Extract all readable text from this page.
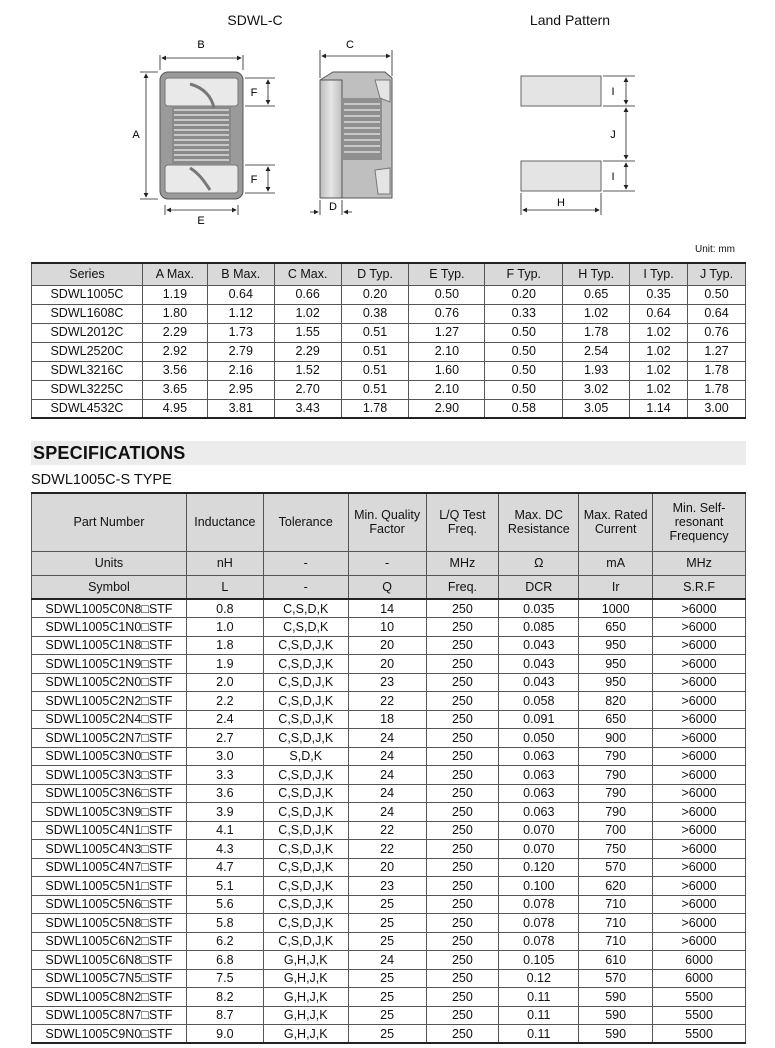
SDWL-C	Land Pattern
B
A
E
F
F
C
D
I
J
I
H
Unit: mm
Series	A Max.	B Max.	C Max.	D Typ.	E Typ.	F Typ.	H Typ.	I Typ.	J Typ.
SDWL1005C	1.19	0.64	0.66	0.20	0.50	0.20	0.65	0.35	0.50
SDWL1608C	1.80	1.12	1.02	0.38	0.76	0.33	1.02	0.64	0.64
SDWL2012C	2.29	1.73	1.55	0.51	1.27	0.50	1.78	1.02	0.76
SDWL2520C	2.92	2.79	2.29	0.51	2.10	0.50	2.54	1.02	1.27
SDWL3216C	3.56	2.16	1.52	0.51	1.60	0.50	1.93	1.02	1.78
SDWL3225C	3.65	2.95	2.70	0.51	2.10	0.50	3.02	1.02	1.78
SDWL4532C	4.95	3.81	3.43	1.78	2.90	0.58	3.05	1.14	3.00
SPECIFICATIONS
SDWL1005C-S TYPE
Part Number	Inductance	Tolerance	Min. Quality Factor	L/Q Test Freq.	Max. DC Resistance	Max. Rated Current	Min. Self-resonant Frequency
Units	nH	-	-	MHz	Ω	mA	MHz
Symbol	L	-	Q	Freq.	DCR	Ir	S.R.F
SDWL1005C0N8□STF	0.8	C,S,D,K	14	250	0.035	1000	>6000
SDWL1005C1N0□STF	1.0	C,S,D,K	10	250	0.085	650	>6000
SDWL1005C1N8□STF	1.8	C,S,D,J,K	20	250	0.043	950	>6000
SDWL1005C1N9□STF	1.9	C,S,D,J,K	20	250	0.043	950	>6000
SDWL1005C2N0□STF	2.0	C,S,D,J,K	23	250	0.043	950	>6000
SDWL1005C2N2□STF	2.2	C,S,D,J,K	22	250	0.058	820	>6000
SDWL1005C2N4□STF	2.4	C,S,D,J,K	18	250	0.091	650	>6000
SDWL1005C2N7□STF	2.7	C,S,D,J,K	24	250	0.050	900	>6000
SDWL1005C3N0□STF	3.0	S,D,K	24	250	0.063	790	>6000
SDWL1005C3N3□STF	3.3	C,S,D,J,K	24	250	0.063	790	>6000
SDWL1005C3N6□STF	3.6	C,S,D,J,K	24	250	0.063	790	>6000
SDWL1005C3N9□STF	3.9	C,S,D,J,K	24	250	0.063	790	>6000
SDWL1005C4N1□STF	4.1	C,S,D,J,K	22	250	0.070	700	>6000
SDWL1005C4N3□STF	4.3	C,S,D,J,K	22	250	0.070	750	>6000
SDWL1005C4N7□STF	4.7	C,S,D,J,K	20	250	0.120	570	>6000
SDWL1005C5N1□STF	5.1	C,S,D,J,K	23	250	0.100	620	>6000
SDWL1005C5N6□STF	5.6	C,S,D,J,K	25	250	0.078	710	>6000
SDWL1005C5N8□STF	5.8	C,S,D,J,K	25	250	0.078	710	>6000
SDWL1005C6N2□STF	6.2	C,S,D,J,K	25	250	0.078	710	>6000
SDWL1005C6N8□STF	6.8	G,H,J,K	24	250	0.105	610	6000
SDWL1005C7N5□STF	7.5	G,H,J,K	25	250	0.12	570	6000
SDWL1005C8N2□STF	8.2	G,H,J,K	25	250	0.11	590	5500
SDWL1005C8N7□STF	8.7	G,H,J,K	25	250	0.11	590	5500
SDWL1005C9N0□STF	9.0	G,H,J,K	25	250	0.11	590	5500
